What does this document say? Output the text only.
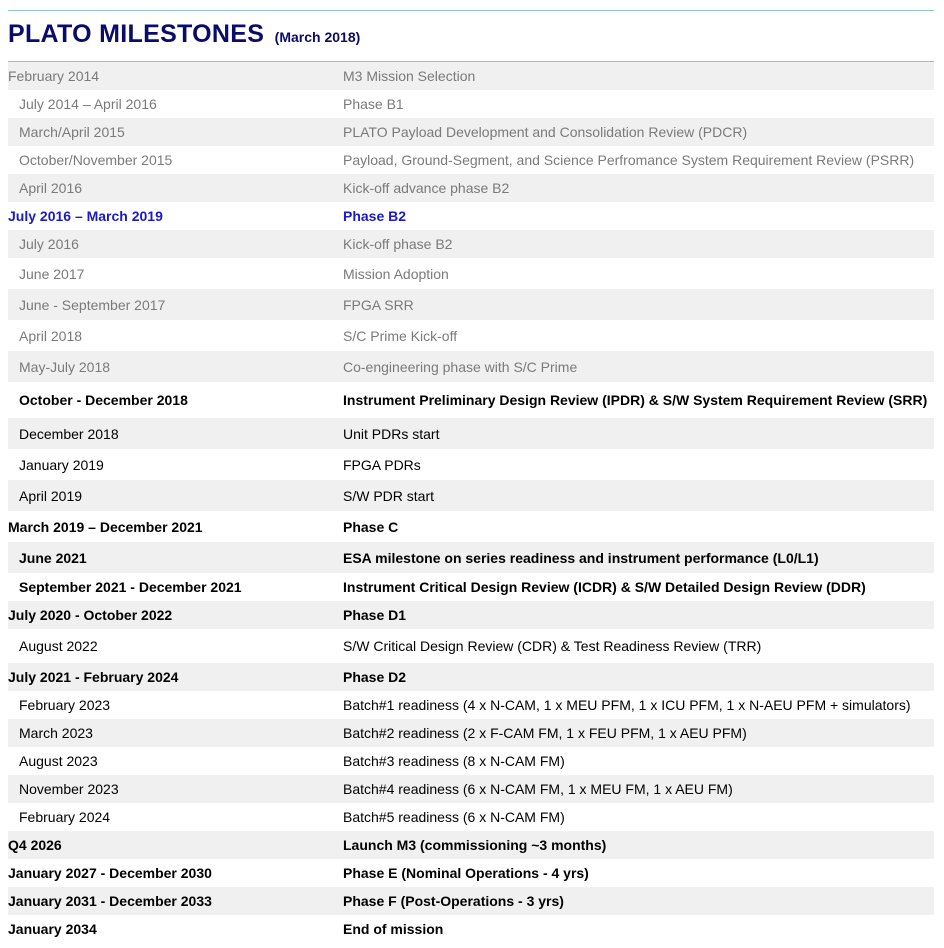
PLATO MILESTONES (March 2018)
February 2014	M3 Mission Selection
July 2014 – April 2016	Phase B1
March/April 2015	PLATO Payload Development and Consolidation Review (PDCR)
October/November 2015	Payload, Ground-Segment, and Science Perfromance System Requirement Review (PSRR)
April 2016	Kick-off advance phase B2
July 2016 – March 2019	Phase B2
July 2016	Kick-off phase B2
June 2017	Mission Adoption
June - September 2017	FPGA SRR
April 2018	S/C Prime Kick-off
May-July 2018	Co-engineering phase with S/C Prime
October - December 2018	Instrument Preliminary Design Review (IPDR) & S/W System Requirement Review (SRR)
December 2018	Unit PDRs start
January 2019	FPGA PDRs
April 2019	S/W PDR start
March 2019 – December 2021	Phase C
June 2021	ESA milestone on series readiness and instrument performance (L0/L1)
September 2021 - December 2021	Instrument Critical Design Review (ICDR) & S/W Detailed Design Review (DDR)
July 2020 - October 2022	Phase D1
August 2022	S/W Critical Design Review (CDR) & Test Readiness Review (TRR)
July 2021 - February 2024	Phase D2
February 2023	Batch#1 readiness (4 x N-CAM, 1 x MEU PFM, 1 x ICU PFM, 1 x N-AEU PFM + simulators)
March 2023	Batch#2 readiness (2 x F-CAM FM, 1 x FEU PFM, 1 x AEU PFM)
August 2023	Batch#3 readiness (8 x N-CAM FM)
November 2023	Batch#4 readiness (6 x N-CAM FM, 1 x MEU FM, 1 x AEU FM)
February 2024	Batch#5 readiness (6 x N-CAM FM)
Q4 2026	Launch M3 (commissioning ~3 months)
January 2027 - December 2030	Phase E (Nominal Operations - 4 yrs)
January 2031 - December 2033	Phase F (Post-Operations - 3 yrs)
January 2034	End of mission
